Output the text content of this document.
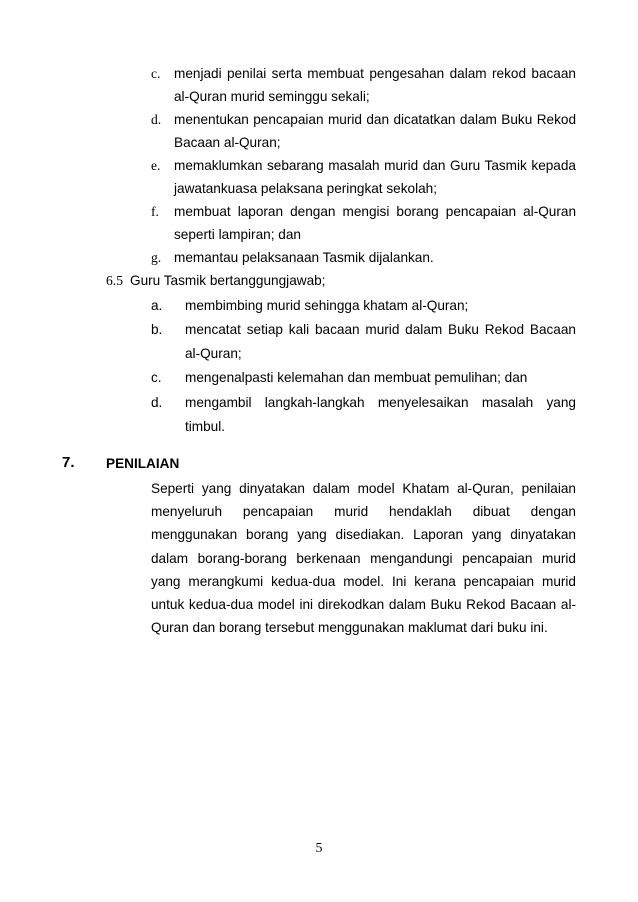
c. menjadi penilai serta membuat pengesahan dalam rekod bacaan
al-Quran murid seminggu sekali;
d. menentukan pencapaian murid dan dicatatkan dalam Buku Rekod
Bacaan al-Quran;
e. memaklumkan sebarang masalah murid dan Guru Tasmik kepada
jawatankuasa pelaksana peringkat sekolah;
f. membuat laporan dengan mengisi borang pencapaian al-Quran
seperti lampiran; dan
g. memantau pelaksanaan Tasmik dijalankan.
6.5 Guru Tasmik bertanggungjawab;
a. membimbing murid sehingga khatam al-Quran;
b. mencatat setiap kali bacaan murid dalam Buku Rekod Bacaan
al-Quran;
c. mengenalpasti kelemahan dan membuat pemulihan; dan
d. mengambil langkah-langkah menyelesaikan masalah yang
timbul.
7. PENILAIAN
Seperti yang dinyatakan dalam model Khatam al-Quran, penilaian
menyeluruh pencapaian murid hendaklah dibuat dengan
menggunakan borang yang disediakan. Laporan yang dinyatakan
dalam borang-borang berkenaan mengandungi pencapaian murid
yang merangkumi kedua-dua model. Ini kerana pencapaian murid
untuk kedua-dua model ini direkodkan dalam Buku Rekod Bacaan al-
Quran dan borang tersebut menggunakan maklumat dari buku ini.
5
